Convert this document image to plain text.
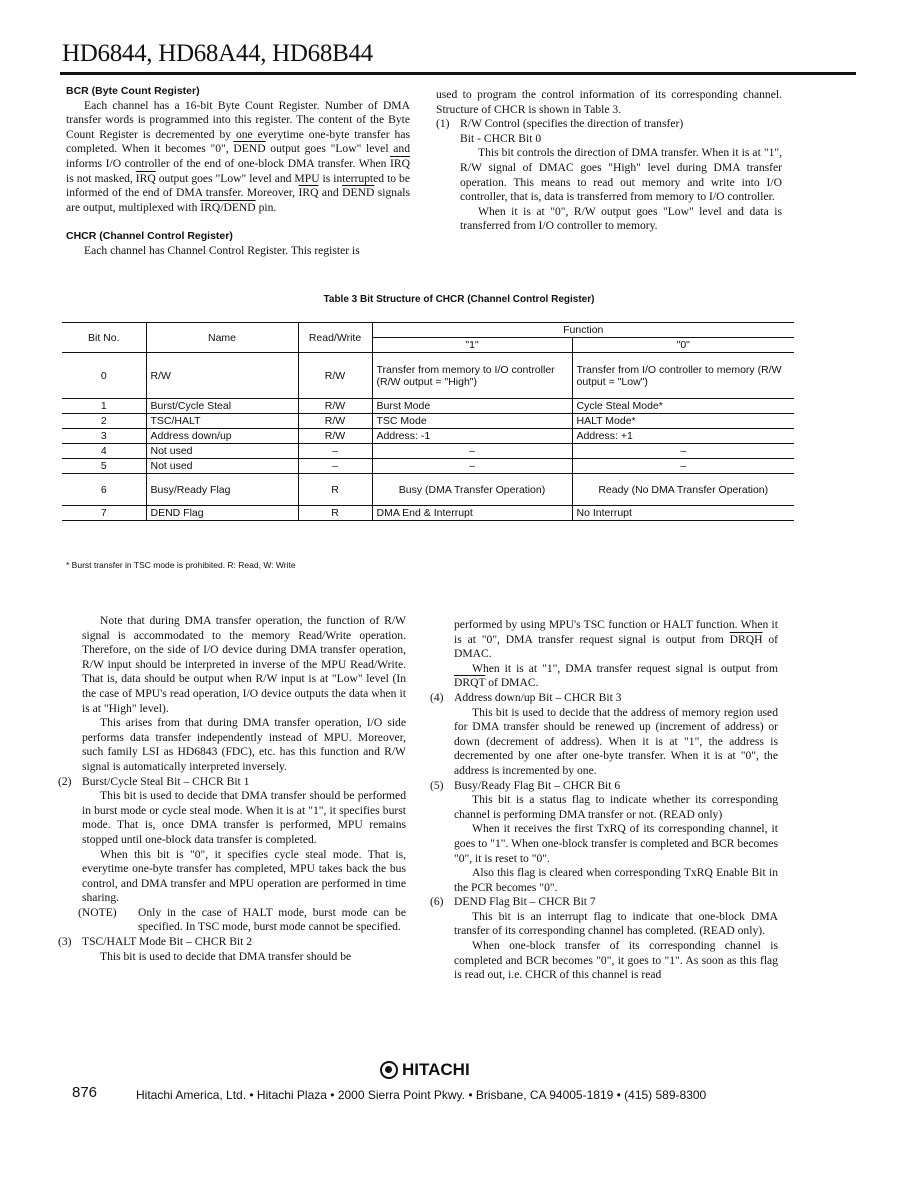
HD6844, HD68A44, HD68B44

BCR (Byte Count Register)

Each channel has a 16-bit Byte Count Register. Number of DMA transfer words is programmed into this register. The content of the Byte Count Register is decremented by one everytime one-byte transfer has completed. When it becomes "0", DEND output goes "Low" level and informs I/O controller of the end of one-block DMA transfer. When $\overline{IRQ}$ is not masked, $\overline{IRQ}$ output goes "Low" level and MPU is interrupted to be informed of the end of DMA transfer. Moreover, $\overline{IRQ}$ and DEND signals are output, multiplexed with IRQ/DEND pin.

CHCR (Channel Control Register)

Each channel has Channel Control Register. This register is

used to program the control information of its corresponding channel. Structure of CHCR is shown in Table 3.

(1) R/W Control (specifies the direction of transfer)

Bit - CHCR Bit 0

This bit controls the direction of DMA transfer. When it is at "1", R/W signal of DMAC goes "High" level during DMA transfer operation. This means to read out memory and write into I/O controller, that is, data is transferred from memory to I/O controller.

When it is at "0", R/W output goes "Low" level and data is transferred from I/O controller to memory.

Table 3 Bit Structure of CHCR (Channel Control Register)
Bit No.	Name	Read/Write	Function	
			"1"	"0"
0	R/W	R/W	Transfer from memory to I/O controller (R/W output = "High")	Transfer from I/O controller to memory (R/W output = "Low")
1	Burst/Cycle Steal	R/W	Burst Mode	Cycle Steal Mode*
2	TSC/HALT	R/W	TSC Mode	HALT Mode*
3	Address down/up	R/W	Address: -1	Address: +1
4	Not used	–	–	–
5	Not used	–	–	–
6	Busy/Ready Flag	R	Busy (DMA Transfer Operation)	Ready (No DMA Transfer Operation)
7	DEND Flag	R	DMA End & Interrupt	No Interrupt
* Burst transfer in TSC mode is prohibited. R: Read, W: Write

Note that during DMA transfer operation, the function of R/W signal is accommodated to the memory Read/Write operation. Therefore, on the side of I/O device during DMA transfer operation, R/W input should be interpreted in inverse of the MPU Read/Write. That is, data should be output when R/W input is at "Low" level (In the case of MPU's read operation, I/O device outputs the data when it is at "High" level).

This arises from that during DMA transfer operation, I/O side performs data transfer independently instead of MPU. Moreover, such family LSI as HD6843 (FDC), etc. has this function and R/W signal is automatically interpreted inversely.

(2) Burst/Cycle Steal Bit – CHCR Bit 1

This bit is used to decide that DMA transfer should be performed in burst mode or cycle steal mode. When it is at "1", it specifies burst mode. That is, once DMA transfer is performed, MPU remains stopped until one-block data transfer is completed.

When this bit is "0", it specifies cycle steal mode. That is, everytime one-byte transfer has completed, MPU takes back the bus control, and DMA transfer and MPU operation are performed in time sharing.

(NOTE)	Only in the case of HALT mode, burst mode can be specified. In TSC mode, burst mode cannot be specified.
(3) TSC/HALT Mode Bit – CHCR Bit 2

This bit is used to decide that DMA transfer should be

performed by using MPU's TSC function or HALT function. When it is at "0", DMA transfer request signal is output from DRQH of DMAC.

When it is at "1", DMA transfer request signal is output from DRQT of DMAC.

(4) Address down/up Bit – CHCR Bit 3

This bit is used to decide that the address of memory region used for DMA transfer should be renewed up (increment of address) or down (decrement of address). When it is at "1", the address is decremented by one after one-byte transfer. When it is at "0", the address is incremented by one.

(5) Busy/Ready Flag Bit – CHCR Bit 6

This bit is a status flag to indicate whether its corresponding channel is performing DMA transfer or not. (READ only)

When it receives the first TxRQ of its corresponding channel, it goes to "1". When one-block transfer is completed and BCR becomes "0", it is reset to "0".

Also this flag is cleared when corresponding TxRQ Enable Bit in the PCR becomes "0".

(6) DEND Flag Bit – CHCR Bit 7

This bit is an interrupt flag to indicate that one-block DMA transfer of its corresponding channel has completed. (READ only).

When one-block transfer of its corresponding channel is completed and BCR becomes "0", it goes to "1". As soon as this flag is read out, i.e. CHCR of this channel is read

HITACHI
876	Hitachi America, Ltd. • Hitachi Plaza • 2000 Sierra Point Pkwy. • Brisbane, CA 94005-1819 • (415) 589-8300
